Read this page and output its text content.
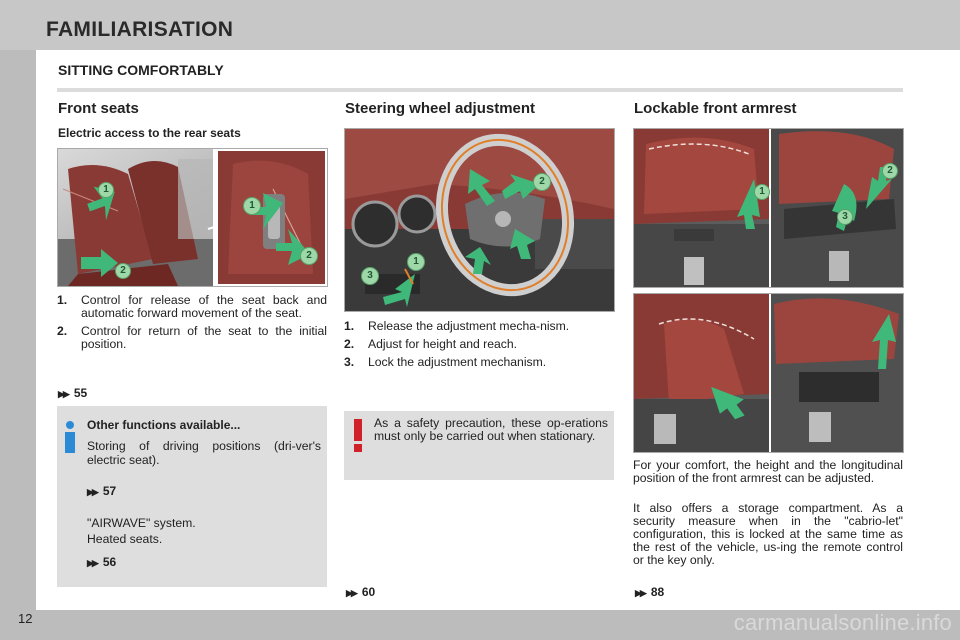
FAMILIARISATION
12
SITTING COMFORTABLY
Front seats
Electric access to the rear seats
1
2
1
2
1. Control for release of the seat back and automatic forward movement of the seat.
2. Control for return of the seat to the initial position.
▶▶ 55
Other functions available...
Storing of driving positions (dri-ver's electric seat).
▶▶ 57
"AIRWAVE" system.
Heated seats.
▶▶ 56
Steering wheel adjustment
2
1
3
1. Release the adjustment mecha-nism.
2. Adjust for height and reach.
3. Lock the adjustment mechanism.
As a safety precaution, these op-erations must only be carried out when stationary.
▶▶ 60
Lockable front armrest
1
2
3
For your comfort, the height and the longitudinal position of the front armrest can be adjusted.
It also offers a storage compartment. As a security measure when in the "cabrio-let" configuration, this is locked at the same time as the rest of the vehicle, us-ing the remote control or the key only.
▶▶ 88
carmanualsonline.info
